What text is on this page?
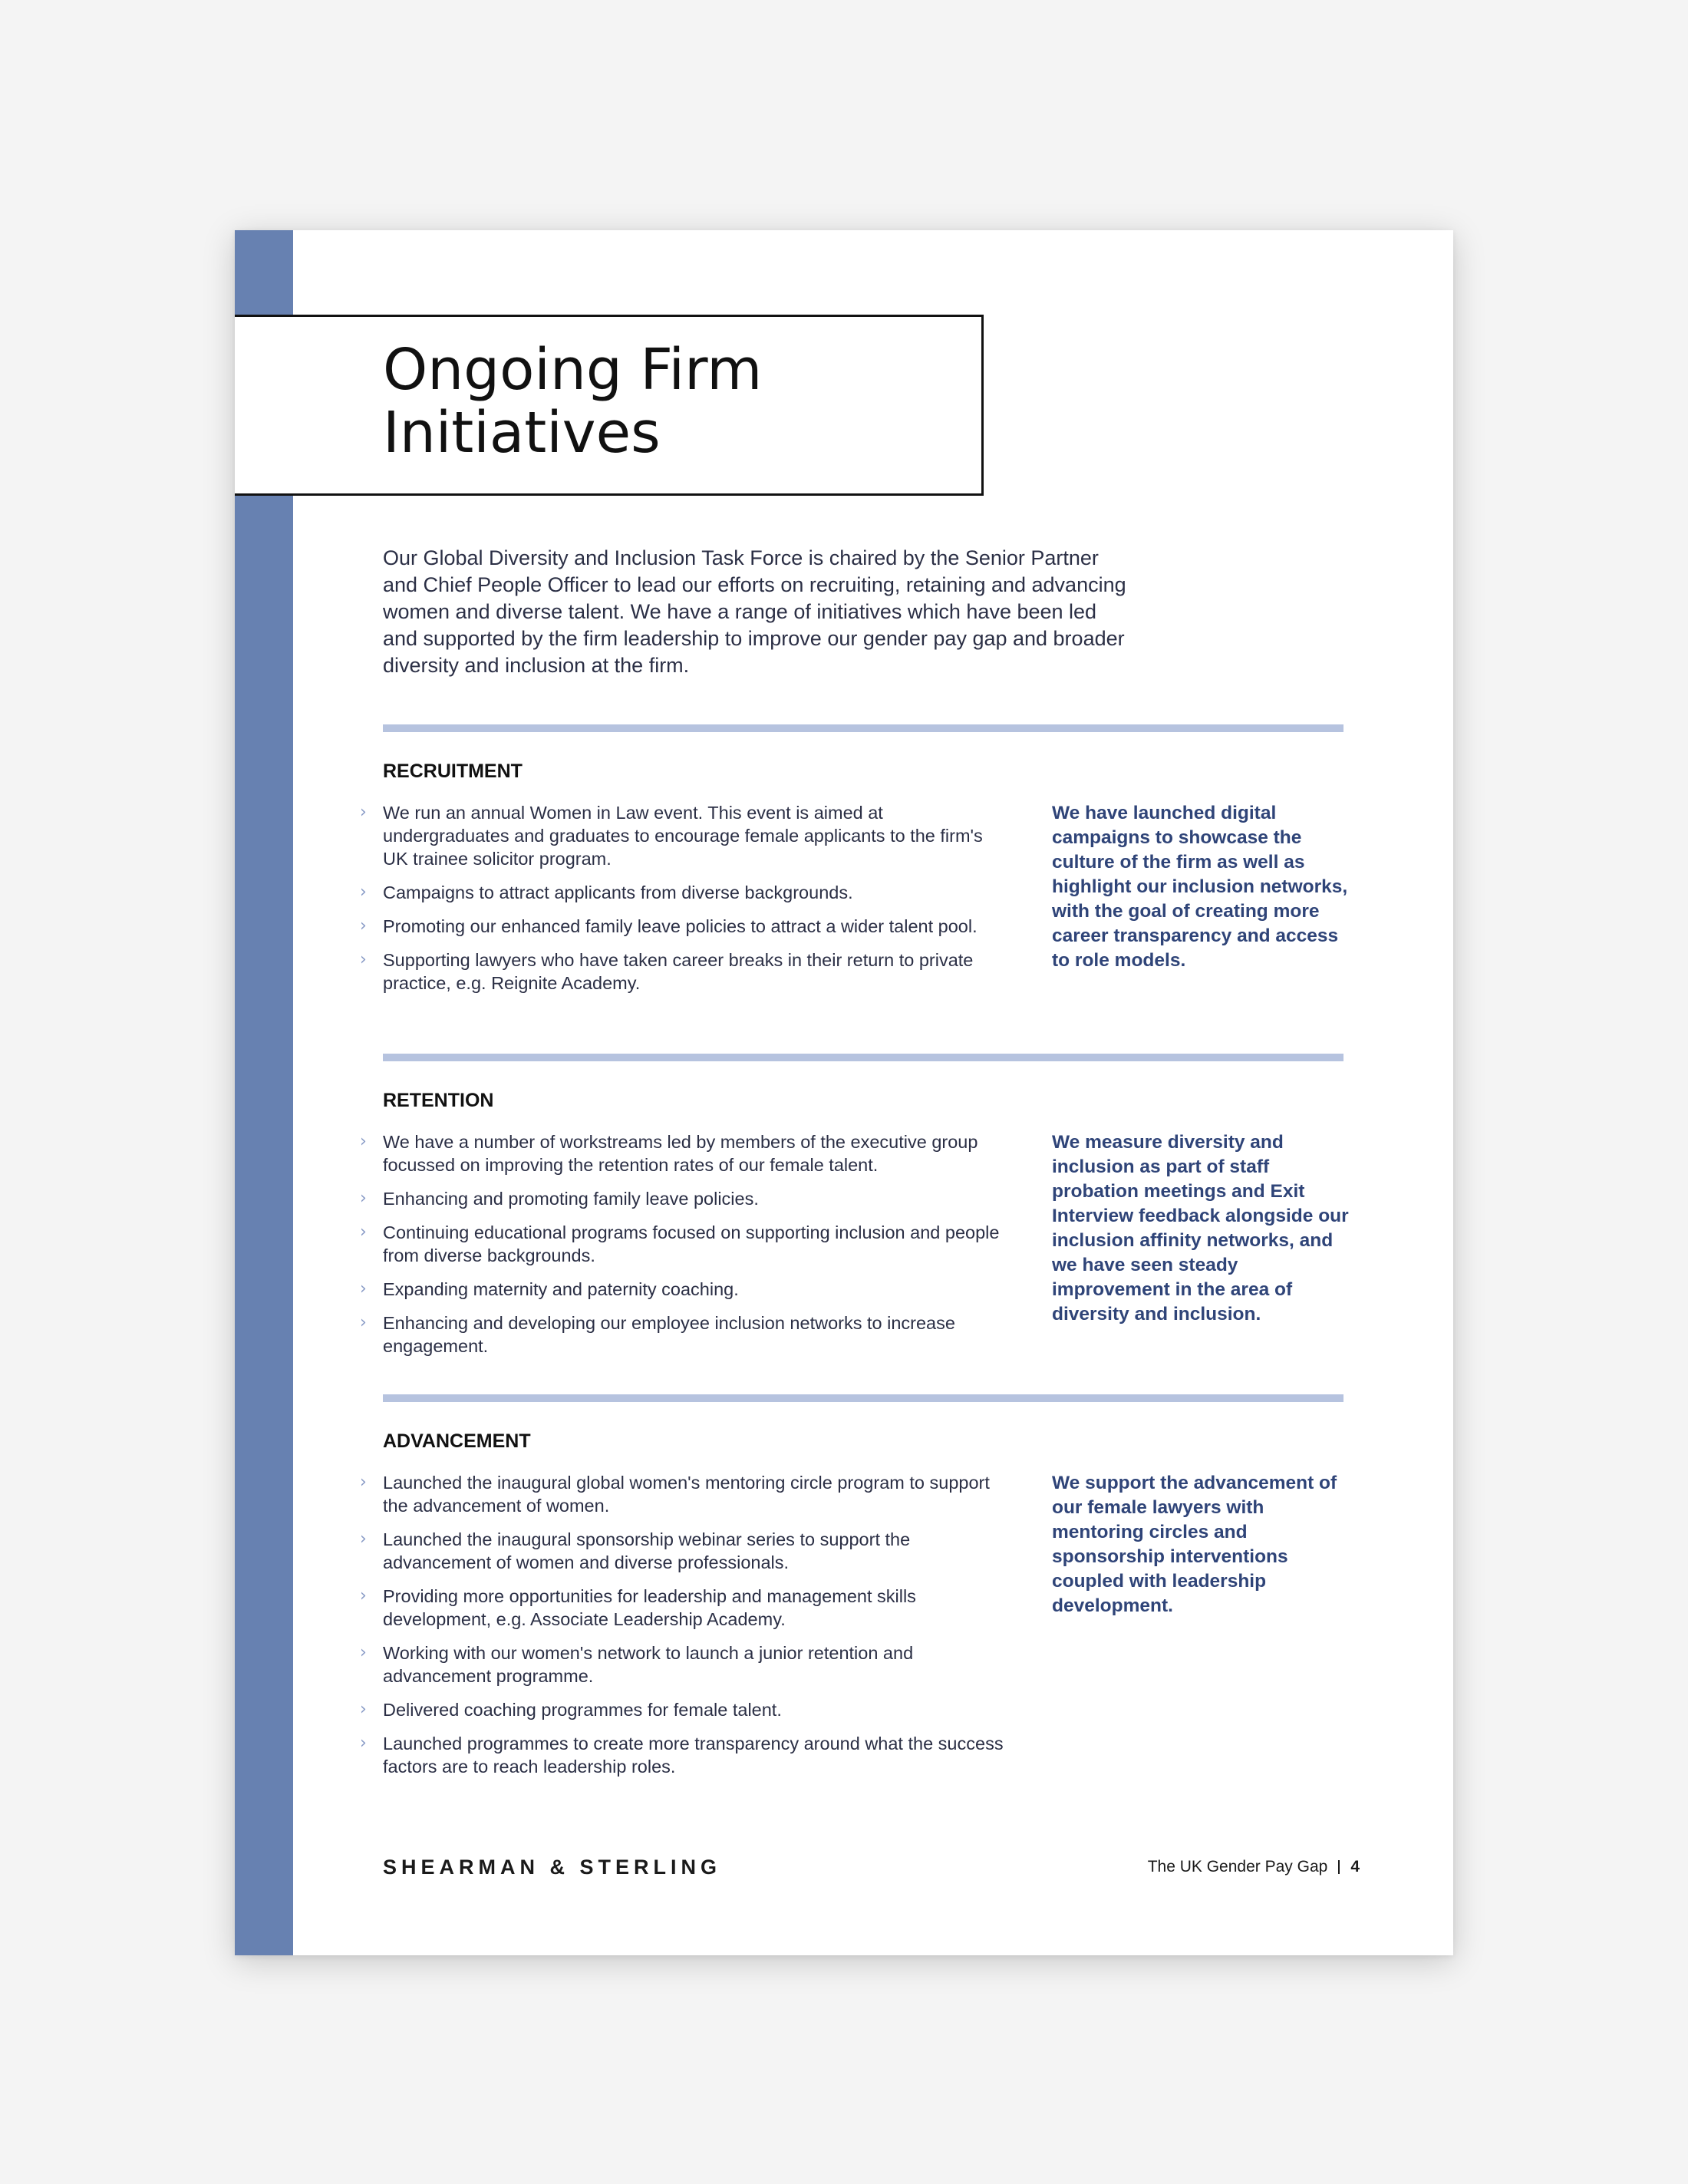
Ongoing Firm
Initiatives

Our Global Diversity and Inclusion Task Force is chaired by the Senior Partner and Chief People Officer to lead our efforts on recruiting, retaining and advancing women and diverse talent. We have a range of initiatives which have been led and supported by the firm leadership to improve our gender pay gap and broader diversity and inclusion at the firm.

RECRUITMENT
› We run an annual Women in Law event. This event is aimed at undergraduates and graduates to encourage female applicants to the firm's UK trainee solicitor program.
› Campaigns to attract applicants from diverse backgrounds.
› Promoting our enhanced family leave policies to attract a wider talent pool.
› Supporting lawyers who have taken career breaks in their return to private practice, e.g. Reignite Academy.

We have launched digital campaigns to showcase the culture of the firm as well as highlight our inclusion networks, with the goal of creating more career transparency and access to role models.

RETENTION
› We have a number of workstreams led by members of the executive group focussed on improving the retention rates of our female talent.
› Enhancing and promoting family leave policies.
› Continuing educational programs focused on supporting inclusion and people from diverse backgrounds.
› Expanding maternity and paternity coaching.
› Enhancing and developing our employee inclusion networks to increase engagement.

We measure diversity and inclusion as part of staff probation meetings and Exit Interview feedback alongside our inclusion affinity networks, and we have seen steady improvement in the area of diversity and inclusion.

ADVANCEMENT
› Launched the inaugural global women's mentoring circle program to support the advancement of women.
› Launched the inaugural sponsorship webinar series to support the advancement of women and diverse professionals.
› Providing more opportunities for leadership and management skills development, e.g. Associate Leadership Academy.
› Working with our women's network to launch a junior retention and advancement programme.
› Delivered coaching programmes for female talent.
› Launched programmes to create more transparency around what the success factors are to reach leadership roles.

We support the advancement of our female lawyers with mentoring circles and sponsorship interventions coupled with leadership development.

SHEARMAN & STERLING	The UK Gender Pay Gap 4
